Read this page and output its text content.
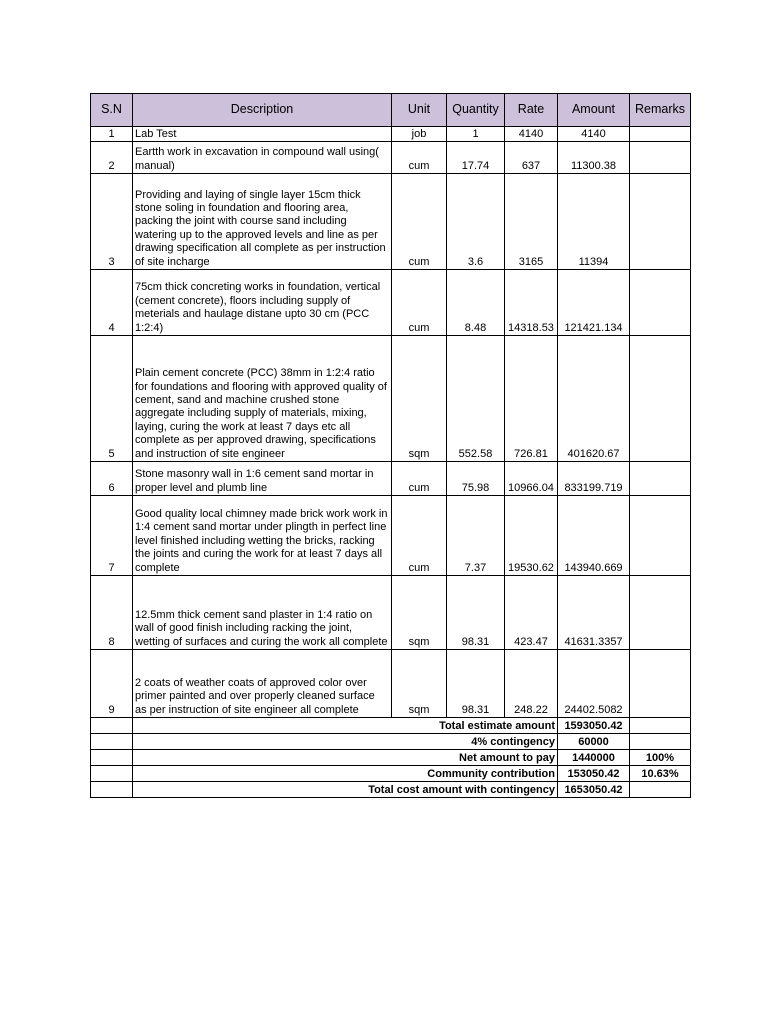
S.N	Description	Unit	Quantity	Rate	Amount	Remarks
1	Lab Test	job	1	4140	4140	
2	Eartth work in excavation in compound wall using( manual)	cum	17.74	637	11300.38	
3	Providing and laying of single layer 15cm thick stone soling in foundation and flooring area, packing the joint with course sand including watering up to the approved levels and line as per drawing specification all complete as per instruction of site incharge	cum	3.6	3165	11394	
4	75cm thick concreting works in foundation, vertical (cement concrete), floors including supply of meterials and haulage distane upto 30 cm (PCC 1:2:4)	cum	8.48	14318.53	121421.134	
5	Plain cement concrete (PCC) 38mm in 1:2:4 ratio for foundations and flooring with approved quality of cement, sand and machine crushed stone aggregate including supply of materials, mixing, laying, curing the work at least 7 days etc all complete as per approved drawing, specifications and instruction of site engineer	sqm	552.58	726.81	401620.67	
6	Stone masonry wall in 1:6 cement sand mortar in proper level and plumb line	cum	75.98	10966.04	833199.719	
7	Good quality local chimney made brick work work in 1:4 cement sand mortar under plingth in perfect line level finished including wetting the bricks, racking the joints and curing the work for at least 7 days all complete	cum	7.37	19530.62	143940.669	
8	12.5mm thick cement sand plaster in 1:4 ratio on wall of good finish including racking the joint, wetting of surfaces and curing the work all complete	sqm	98.31	423.47	41631.3357	
9	2 coats of weather coats of approved color over primer painted and over properly cleaned surface as per instruction of site engineer all complete	sqm	98.31	248.22	24402.5082	
	Total estimate amount				1593050.42	
	4% contingency				60000	
	Net amount to pay				1440000	100%
	Community contribution				153050.42	10.63%
	Total cost amount with contingency				1653050.42	
